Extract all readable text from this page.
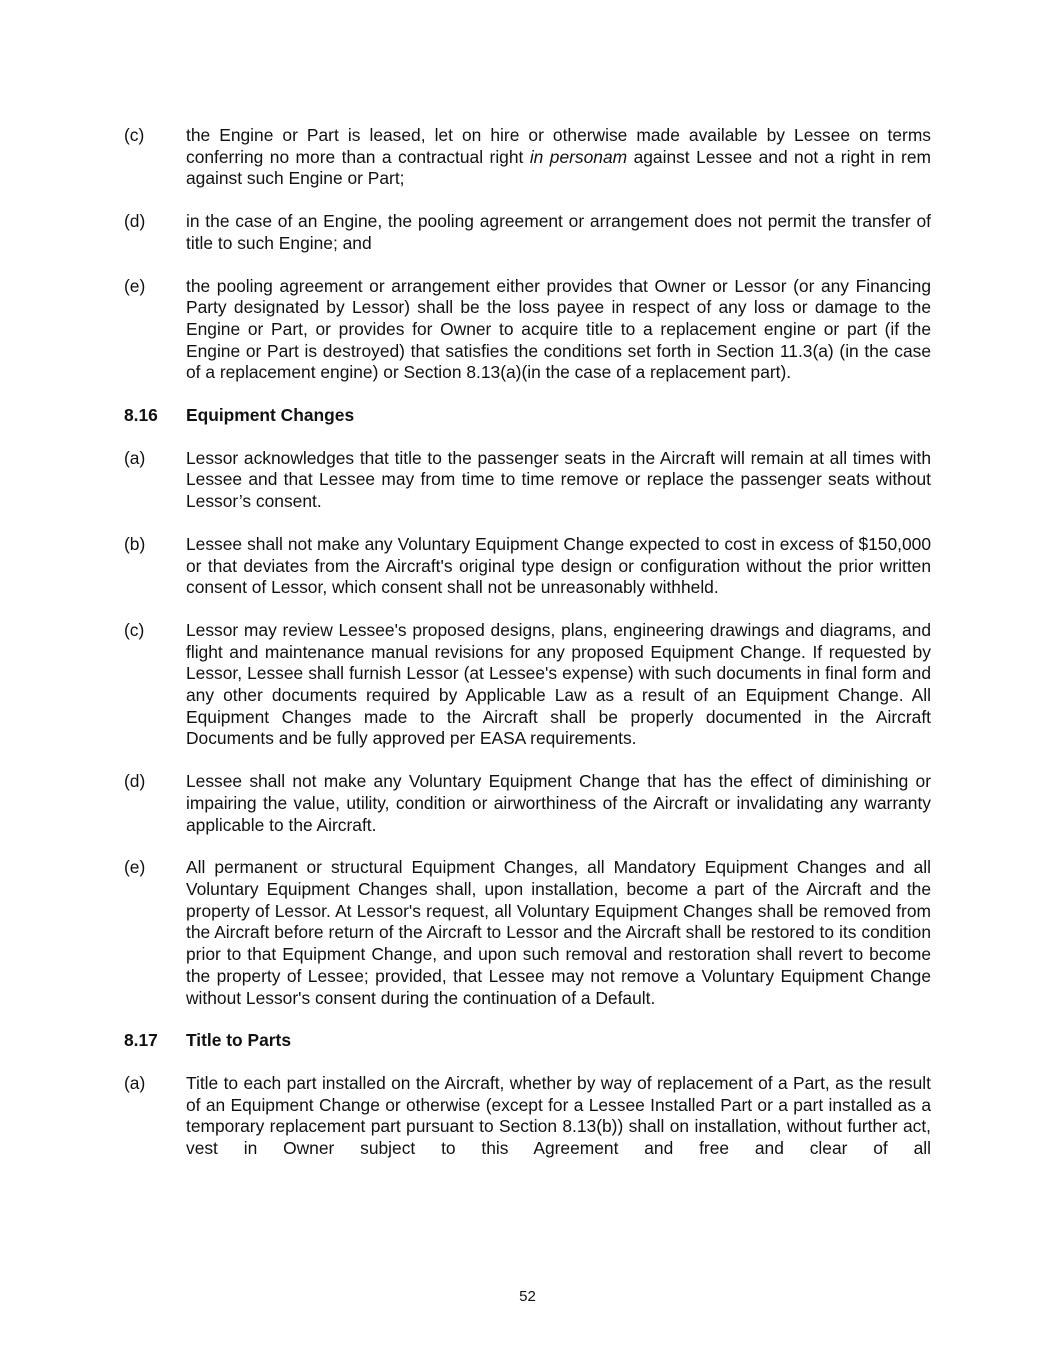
(c)	the Engine or Part is leased, let on hire or otherwise made available by Lessee on terms conferring no more than a contractual right in personam against Lessee and not a right in rem against such Engine or Part;
(d)	in the case of an Engine, the pooling agreement or arrangement does not permit the transfer of title to such Engine; and
(e)	the pooling agreement or arrangement either provides that Owner or Lessor (or any Financing Party designated by Lessor) shall be the loss payee in respect of any loss or damage to the Engine or Part, or provides for Owner to acquire title to a replacement engine or part (if the Engine or Part is destroyed) that satisfies the conditions set forth in Section 11.3(a) (in the case of a replacement engine) or Section 8.13(a)(in the case of a replacement part).
8.16	Equipment Changes
(a)	Lessor acknowledges that title to the passenger seats in the Aircraft will remain at all times with Lessee and that Lessee may from time to time remove or replace the passenger seats without Lessor’s consent.
(b)	Lessee shall not make any Voluntary Equipment Change expected to cost in excess of $150,000 or that deviates from the Aircraft's original type design or configuration without the prior written consent of Lessor, which consent shall not be unreasonably withheld.
(c)	Lessor may review Lessee's proposed designs, plans, engineering drawings and diagrams, and flight and maintenance manual revisions for any proposed Equipment Change. If requested by Lessor, Lessee shall furnish Lessor (at Lessee's expense) with such documents in final form and any other documents required by Applicable Law as a result of an Equipment Change. All Equipment Changes made to the Aircraft shall be properly documented in the Aircraft Documents and be fully approved per EASA requirements.
(d)	Lessee shall not make any Voluntary Equipment Change that has the effect of diminishing or impairing the value, utility, condition or airworthiness of the Aircraft or invalidating any warranty applicable to the Aircraft.
(e)	All permanent or structural Equipment Changes, all Mandatory Equipment Changes and all Voluntary Equipment Changes shall, upon installation, become a part of the Aircraft and the property of Lessor. At Lessor's request, all Voluntary Equipment Changes shall be removed from the Aircraft before return of the Aircraft to Lessor and the Aircraft shall be restored to its condition prior to that Equipment Change, and upon such removal and restoration shall revert to become the property of Lessee; provided, that Lessee may not remove a Voluntary Equipment Change without Lessor's consent during the continuation of a Default.
8.17	Title to Parts
(a)	Title to each part installed on the Aircraft, whether by way of replacement of a Part, as the result of an Equipment Change or otherwise (except for a Lessee Installed Part or a part installed as a temporary replacement part pursuant to Section 8.13(b)) shall on installation, without further act, vest in Owner subject to this Agreement and free and clear of all
52
